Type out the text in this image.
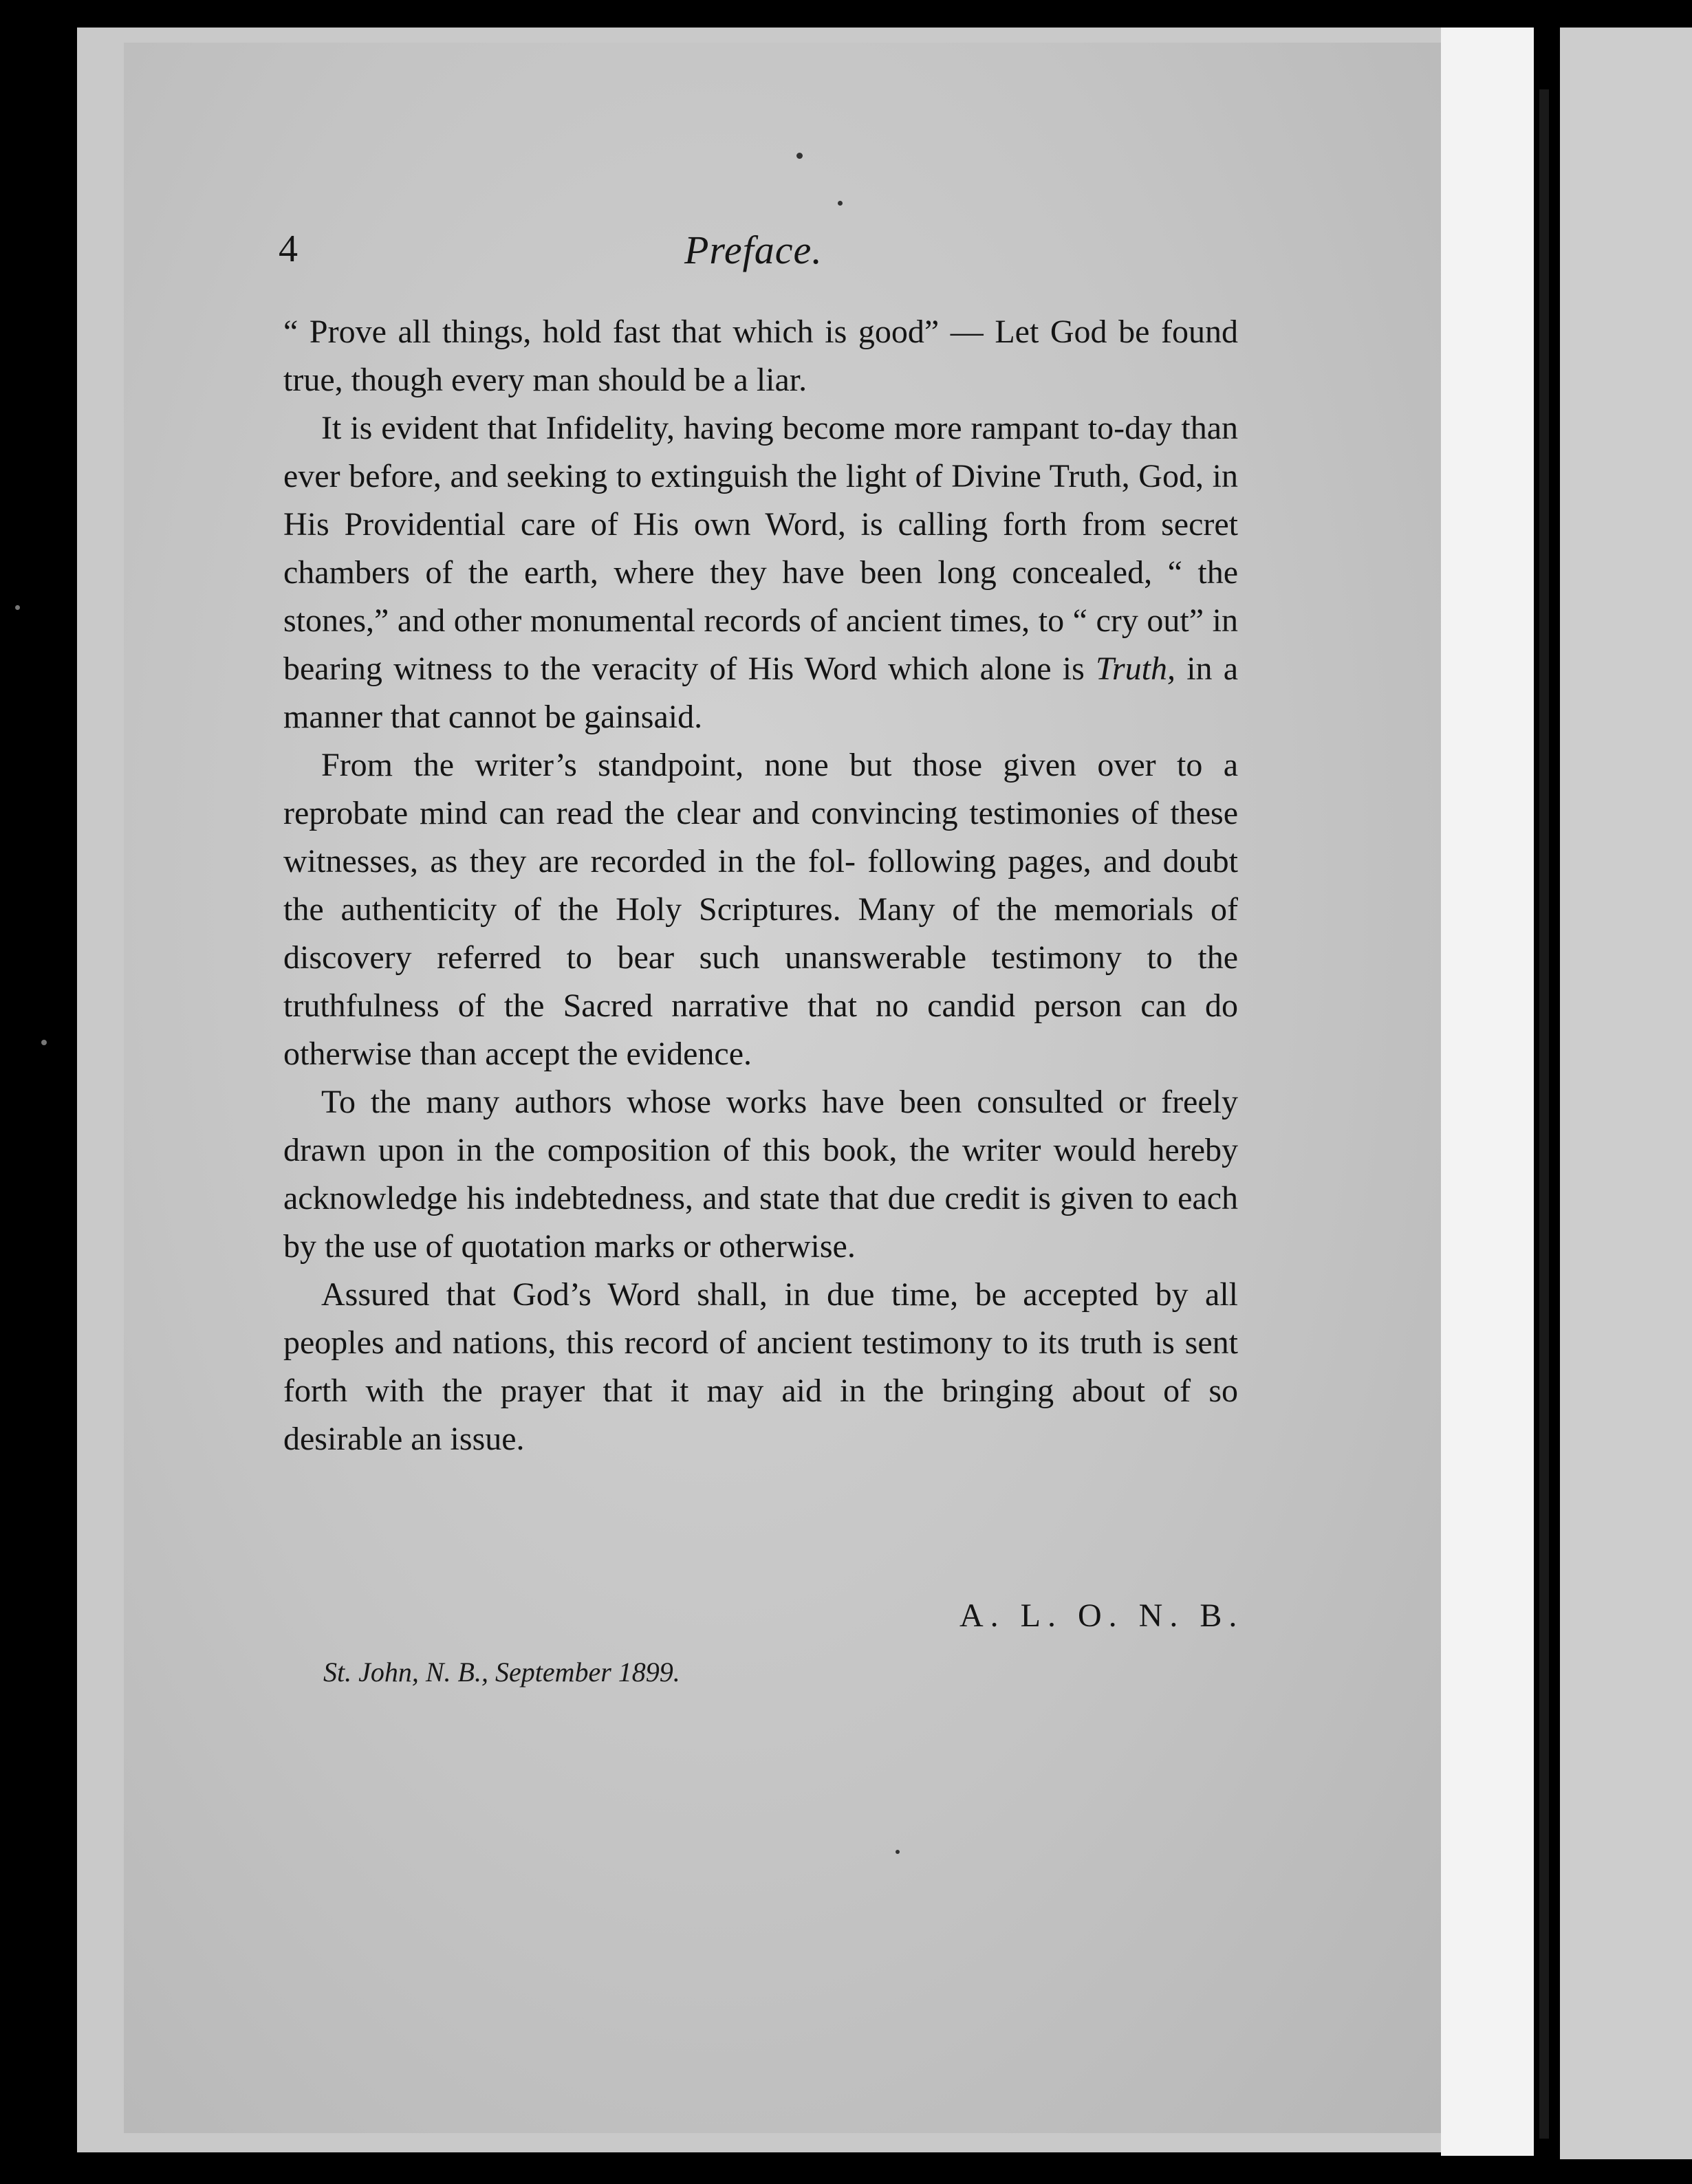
4	Preface.

“ Prove all things, hold fast that which is good” — Let God be found true, though every man should be a liar.

It is evident that Infidelity, having become more rampant to-day than ever before, and seeking to extinguish the light of Divine Truth, God, in His Providential care of His own Word, is calling forth from secret chambers of the earth, where they have been long concealed, “ the stones,” and other monumental records of ancient times, to “ cry out” in bearing witness to the veracity of His Word which alone is Truth, in a manner that cannot be gainsaid.

From the writer’s standpoint, none but those given over to a reprobate mind can read the clear and convincing testimonies of these witnesses, as they are recorded in the fol- following pages, and doubt the authenticity of the Holy Scriptures. Many of the memorials of discovery referred to bear such unanswerable testimony to the truthfulness of the Sacred narrative that no candid person can do otherwise than accept the evidence.

To the many authors whose works have been consulted or freely drawn upon in the composition of this book, the writer would hereby acknowledge his indebtedness, and state that due credit is given to each by the use of quotation marks or otherwise.

Assured that God’s Word shall, in due time, be accepted by all peoples and nations, this record of ancient testimony to its truth is sent forth with the prayer that it may aid in the bringing about of so desirable an issue.

A. L. O. N. B.
St. John, N. B., September 1899.
